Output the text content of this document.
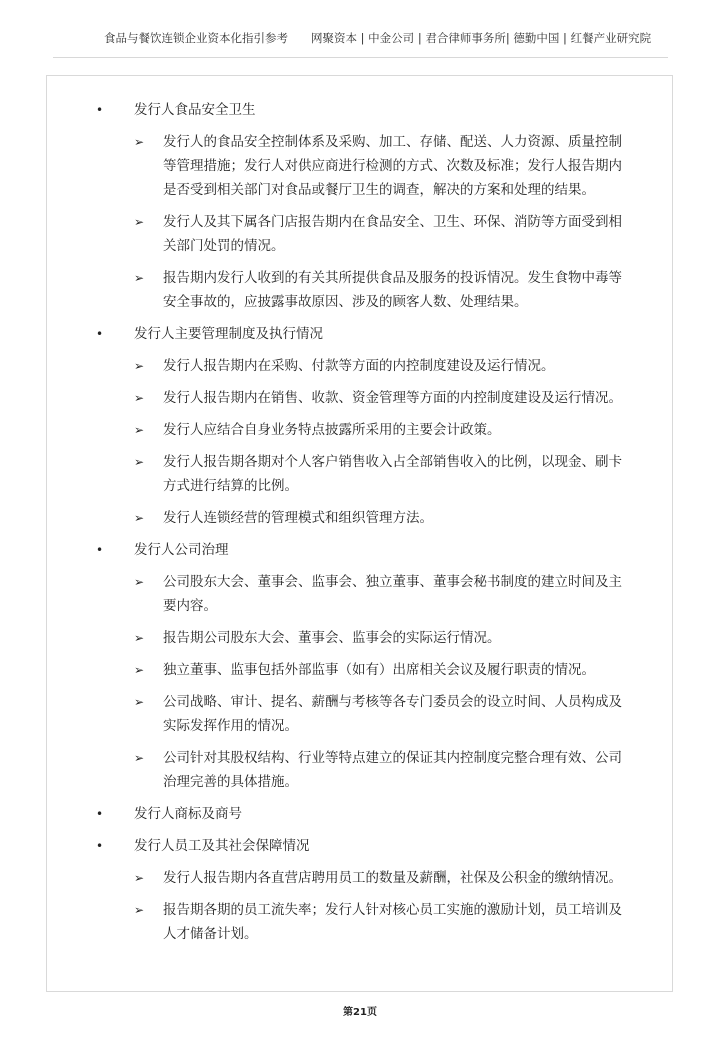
食品与餐饮连锁企业资本化指引参考 网聚资本 | 中金公司 | 君合律师事务所| 德勤中国 | 红餐产业研究院
• 发行人食品安全卫生
➢ 发行人的食品安全控制体系及采购、加工、存储、配送、人力资源、质量控制等管理措施；发行人对供应商进行检测的方式、次数及标准；发行人报告期内是否受到相关部门对食品或餐厅卫生的调查，解决的方案和处理的结果。
➢ 发行人及其下属各门店报告期内在食品安全、卫生、环保、消防等方面受到相关部门处罚的情况。
➢ 报告期内发行人收到的有关其所提供食品及服务的投诉情况。发生食物中毒等安全事故的，应披露事故原因、涉及的顾客人数、处理结果。
• 发行人主要管理制度及执行情况
➢ 发行人报告期内在采购、付款等方面的内控制度建设及运行情况。
➢ 发行人报告期内在销售、收款、资金管理等方面的内控制度建设及运行情况。
➢ 发行人应结合自身业务特点披露所采用的主要会计政策。
➢ 发行人报告期各期对个人客户销售收入占全部销售收入的比例，以现金、刷卡方式进行结算的比例。
➢ 发行人连锁经营的管理模式和组织管理方法。
• 发行人公司治理
➢ 公司股东大会、董事会、监事会、独立董事、董事会秘书制度的建立时间及主要内容。
➢ 报告期公司股东大会、董事会、监事会的实际运行情况。
➢ 独立董事、监事包括外部监事（如有）出席相关会议及履行职责的情况。
➢ 公司战略、审计、提名、薪酬与考核等各专门委员会的设立时间、人员构成及实际发挥作用的情况。
➢ 公司针对其股权结构、行业等特点建立的保证其内控制度完整合理有效、公司治理完善的具体措施。
• 发行人商标及商号
• 发行人员工及其社会保障情况
➢ 发行人报告期内各直营店聘用员工的数量及薪酬，社保及公积金的缴纳情况。
➢ 报告期各期的员工流失率；发行人针对核心员工实施的激励计划，员工培训及人才储备计划。
第21页
